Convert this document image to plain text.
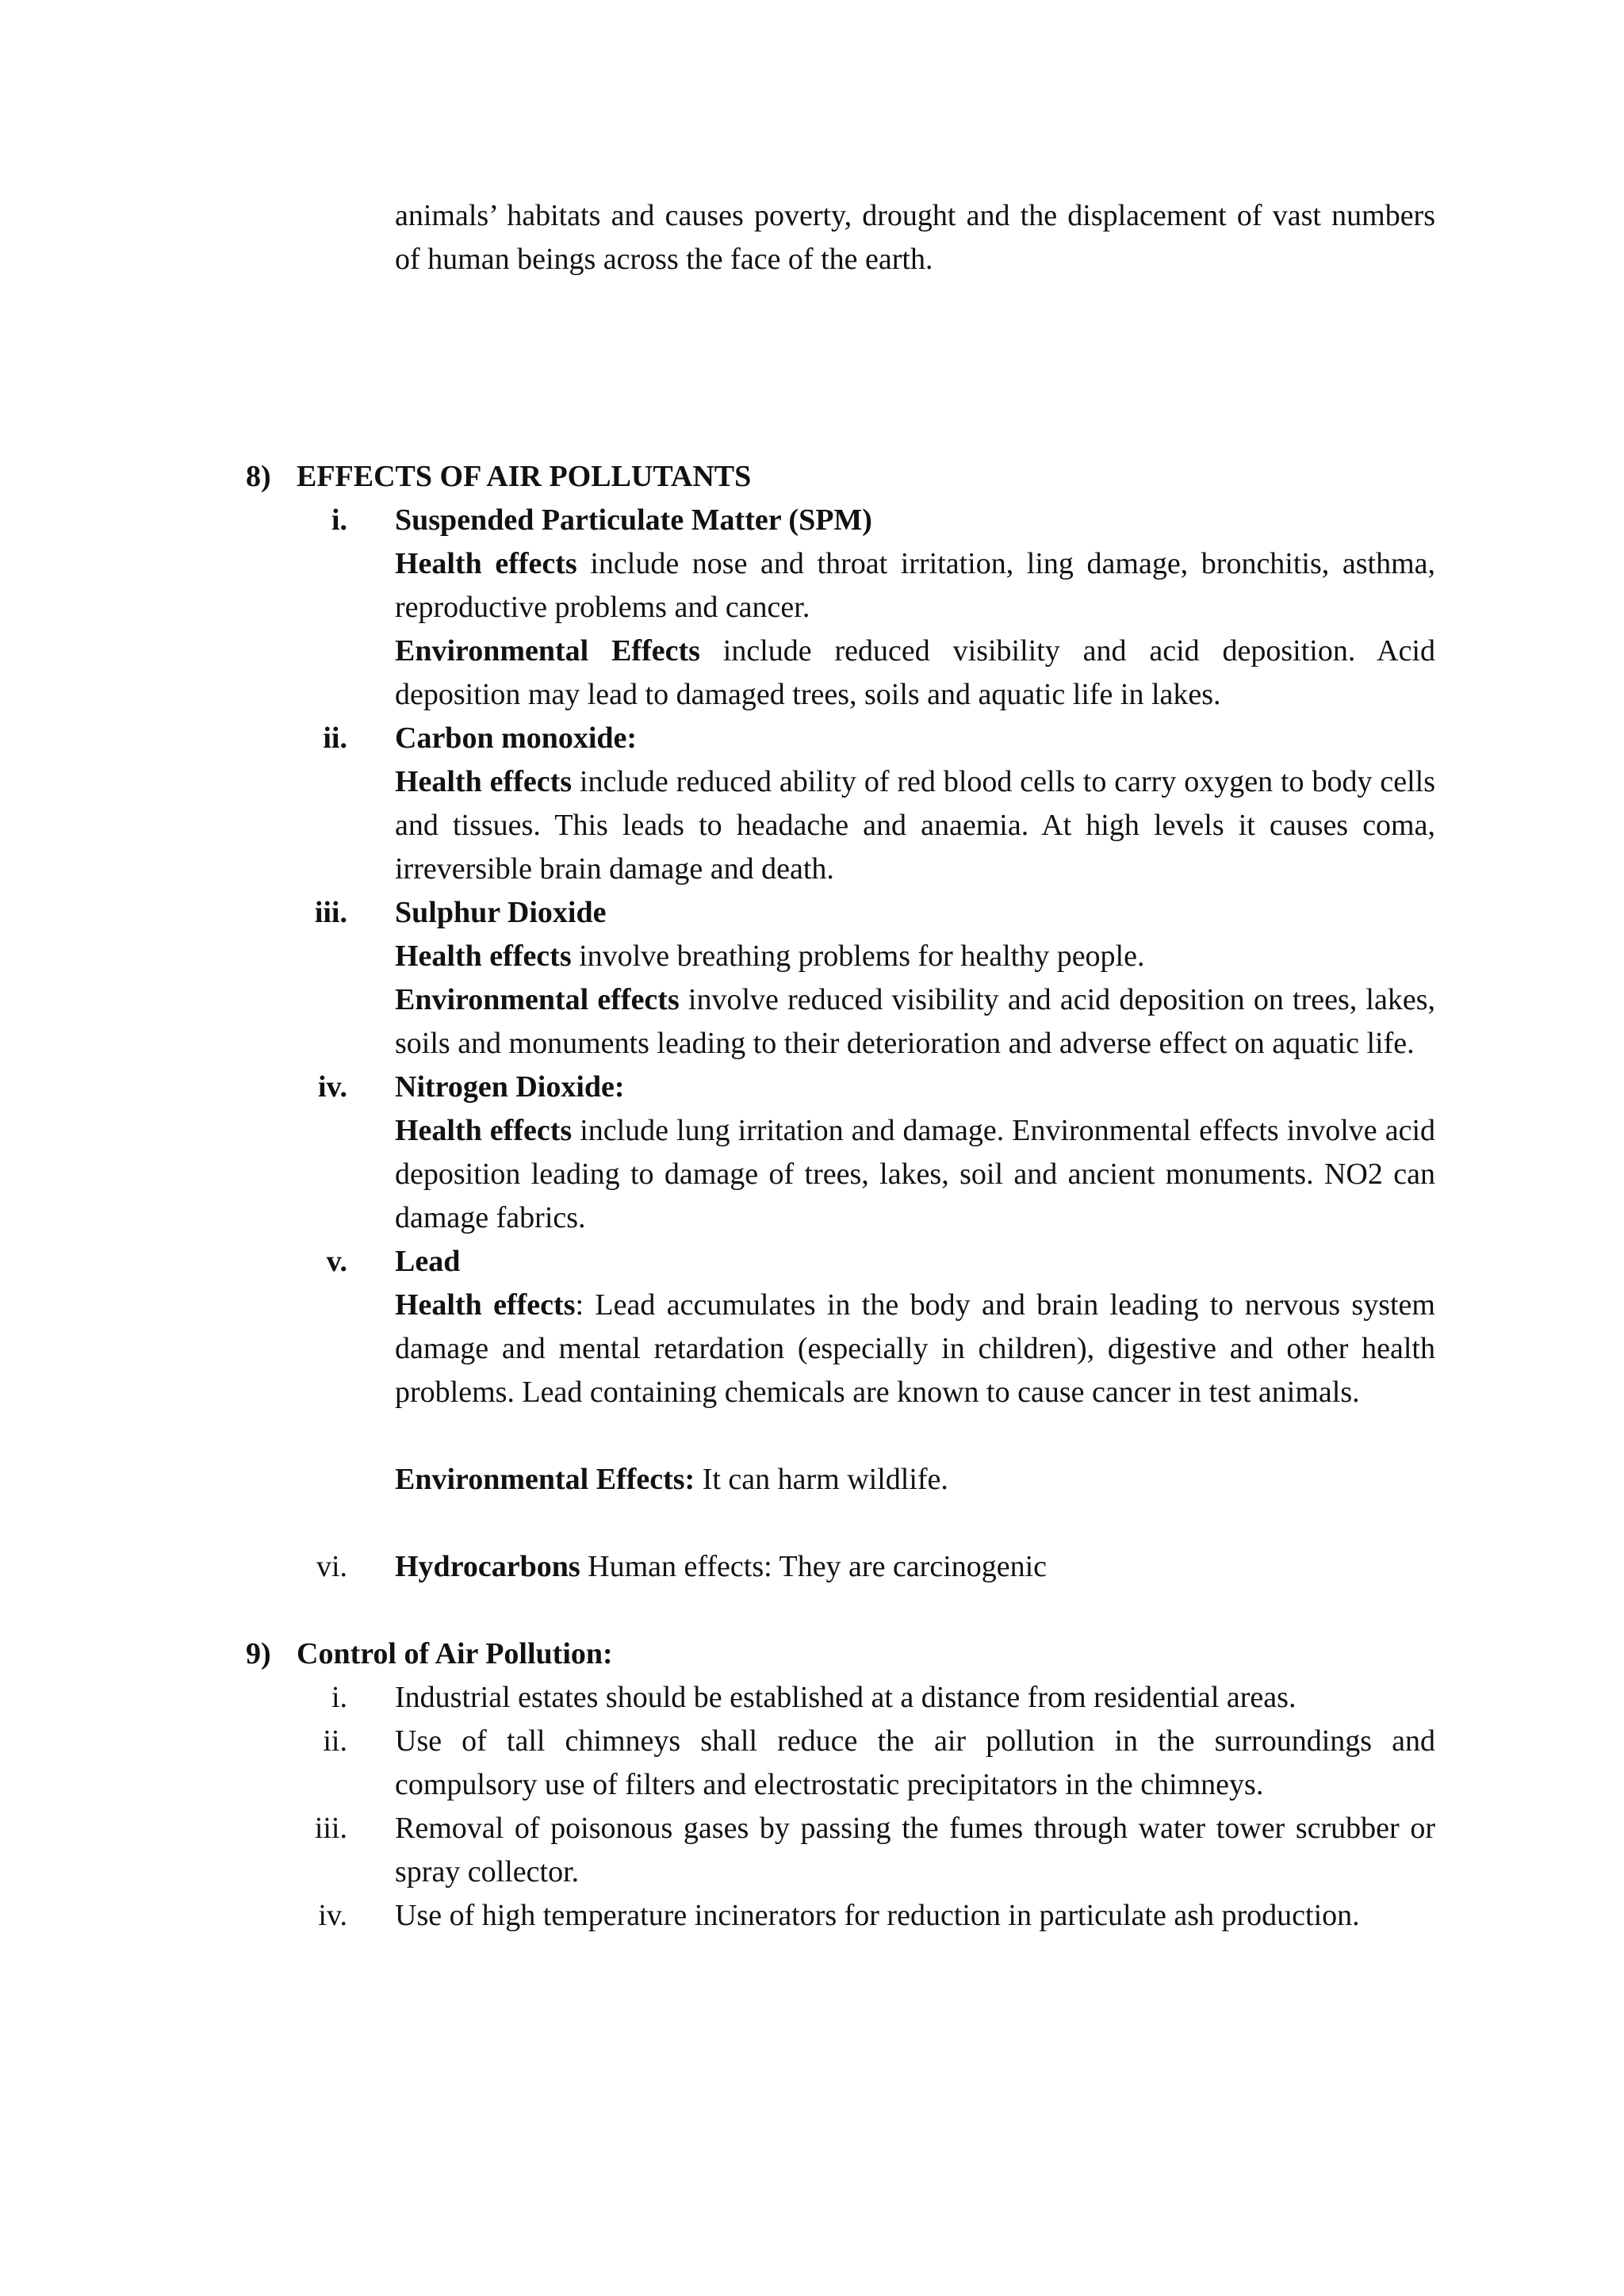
animals’ habitats and causes poverty, drought and the displacement of vast numbers of human beings across the face of the earth.
8) EFFECTS OF AIR POLLUTANTS
i. Suspended Particulate Matter (SPM)
Health effects include nose and throat irritation, ling damage, bronchitis, asthma, reproductive problems and cancer.
Environmental Effects include reduced visibility and acid deposition. Acid deposition may lead to damaged trees, soils and aquatic life in lakes.
ii. Carbon monoxide:
Health effects include reduced ability of red blood cells to carry oxygen to body cells and tissues. This leads to headache and anaemia. At high levels it causes coma, irreversible brain damage and death.
iii. Sulphur Dioxide
Health effects involve breathing problems for healthy people.
Environmental effects involve reduced visibility and acid deposition on trees, lakes, soils and monuments leading to their deterioration and adverse effect on aquatic life.
iv. Nitrogen Dioxide:
Health effects include lung irritation and damage. Environmental effects involve acid deposition leading to damage of trees, lakes, soil and ancient monuments. NO2 can damage fabrics.
v. Lead
Health effects: Lead accumulates in the body and brain leading to nervous system damage and mental retardation (especially in children), digestive and other health problems. Lead containing chemicals are known to cause cancer in test animals.
Environmental Effects: It can harm wildlife.
vi. Hydrocarbons Human effects: They are carcinogenic
9) Control of Air Pollution:
i. Industrial estates should be established at a distance from residential areas.
ii. Use of tall chimneys shall reduce the air pollution in the surroundings and compulsory use of filters and electrostatic precipitators in the chimneys.
iii. Removal of poisonous gases by passing the fumes through water tower scrubber or spray collector.
iv. Use of high temperature incinerators for reduction in particulate ash production.
